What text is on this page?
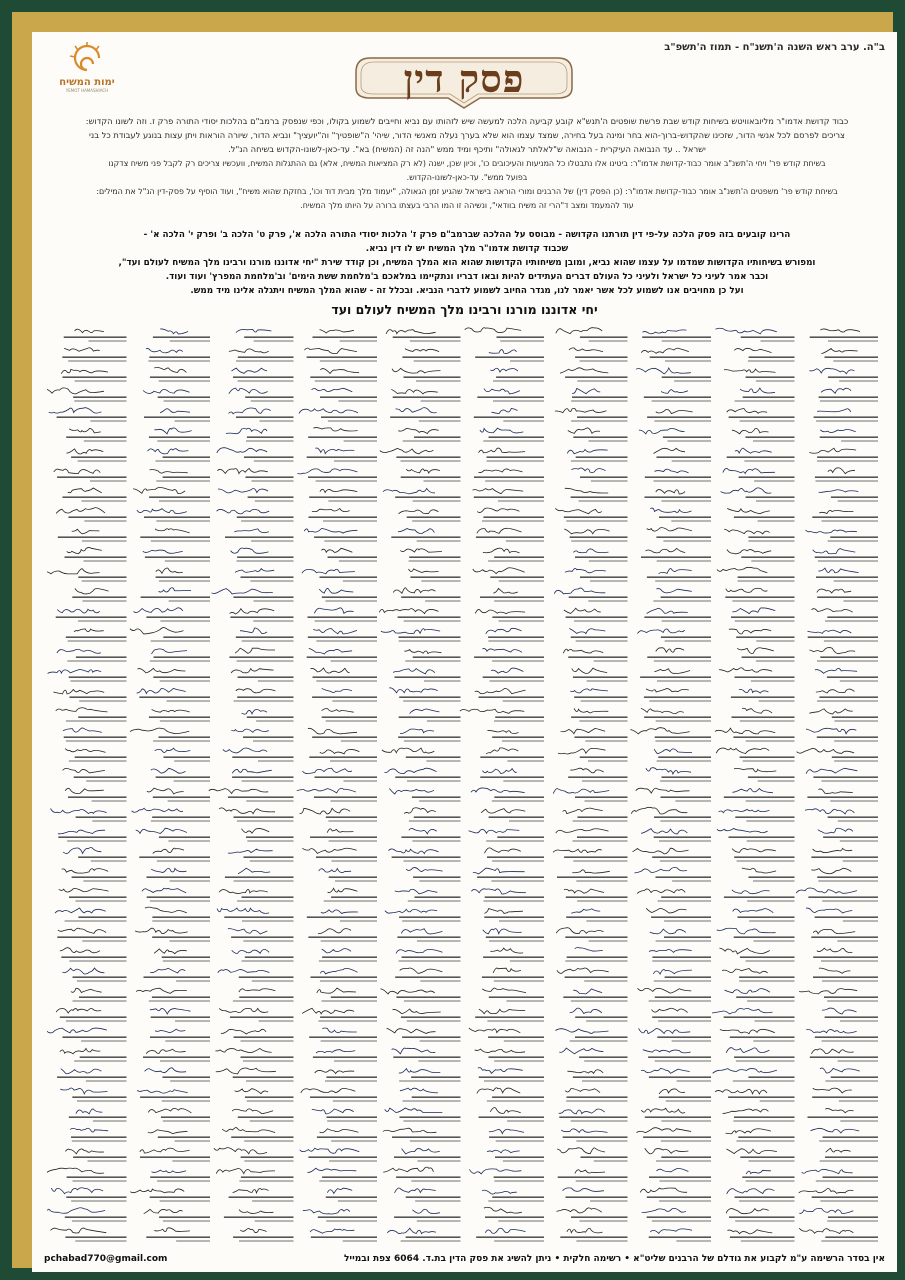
ימות המשיח
YEMOT HAMASHIACH
ב"ה. ערב ראש השנה ה'תשנ"ח - תמוז ה'תשפ"ב
פסק דין

כבוד קדושת אדמו"ר מליובאוויטש בשיחות קודש שבת פרשת שופטים ה'תנש"א קובע קביעה הלכה למעשה שיש לזהותו עם נביא וחייבים לשמוע בקולו, וכפי שנפסק ברמב"ם בהלכות יסודי התורה פרק ז. וזה לשונו הקדוש:

צריכים לפרסם לכל אנשי הדור, שזכינו שהקדוש-ברוך-הוא בחר ומינה בעל בחירה, שמצד עצמו הוא שלא בערך נעלה מאנשי הדור, שיהי' ה"שופטיך" וה"יועציך" ונביא הדור, שיורה הוראות ויתן עצות בנוגע לעבודת כל בני

ישראל .. עד הנבואה העיקרית - הנבואה ש"לאלתר לגאולה" ותיכף ומיד ממש "הנה זה (המשיח) בא". עד-כאן-לשונו-הקדוש בשיחה הנ"ל.

בשיחת קודש פר' ויחי ה'תשנ"ב אומר כבוד-קדושת אדמו"ר: ביטינו אלו נתבטלו כל המניעות והעיכובים כו', וכיון שכן, ישנה (לא רק המציאות המשיח, אלא) גם ההתגלות המשיח, וועכשיו צריכים רק לקבל פני משיח צדקנו

בפועל ממש". עד-כאן-לשונו-הקדוש.

בשיחת קודש פר' משפטים ה'תשנ"ב אומר כבוד-קדושת אדמו"ר: (כן הפסק דין) של הרבנים ומורי הוראה בישראל שהגיע זמן הגאולה, "יעמוד מלך מבית דוד וכו', בחזקת שהוא משיח", ועוד הוסיף על פסק-דין הנ"ל את המילים:

עוד להמעמד ומצב ד"הרי זה משיח בוודאי", ונשיהה זו המו הרבי בעצתו ברורה על היותו מלך המשיח.

הרינו קובעים בזה פסק הלכה על-פי דין תורתנו הקדושה - מבוסס על ההלכה שברמב"ם פרק ז' הלכות יסודי התורה הלכה א', פרק ט' הלכה ב' ופרק י' הלכה א' -

שכבוד קדושת אדמו"ר מלך המשיח יש לו דין נביא.

ומפורש בשיחותיו הקדושות שמדמו על עצמו שהוא נביא, ומובן משיחותיו הקדושות שהוא הוא המלך המשיח, וכן קודד שירת "יחי אדוננו מורנו ורבינו מלך המשיח לעולם ועד",

וכבר אמר לעיני כל ישראל ולעיני כל העולם דברים העתידים להיות ובאו דבריו ונתקיימו במלאכם ב'מלחמת ששת הימים' וב'מלחמת המפרץ' ועוד ועוד.

ועל כן מחויבים אנו לשמוע לכל אשר יאמר לנו, מגדר החיוב לשמוע לדברי הנביא. ובכלל זה - שהוא המלך המשיח ויתגלה אלינו מיד ממש.

יחי אדוננו מורנו ורבינו מלך המשיח לעולם ועד
pchabad770@gmail.com	אין בסדר הרשימה ע"מ לקבוע את גודלם של הרבנים שליט"א • רשימה חלקית • ניתן להשיג את פסק הדין בת.ד. 6064 צפת ובמייל
